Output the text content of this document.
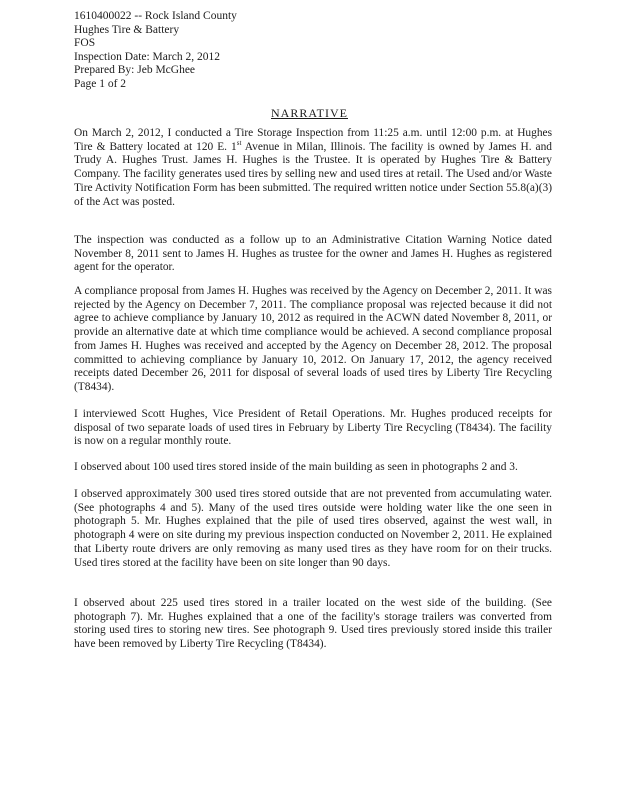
1610400022 -- Rock Island County
Hughes Tire & Battery
FOS
Inspection Date: March 2, 2012
Prepared By: Jeb McGhee
Page 1 of 2
NARRATIVE

On March 2, 2012, I conducted a Tire Storage Inspection from 11:25 a.m. until 12:00 p.m. at Hughes Tire & Battery located at 120 E. 1st Avenue in Milan, Illinois. The facility is owned by James H. and Trudy A. Hughes Trust. James H. Hughes is the Trustee. It is operated by Hughes Tire & Battery Company. The facility generates used tires by selling new and used tires at retail. The Used and/or Waste Tire Activity Notification Form has been submitted. The required written notice under Section 55.8(a)(3) of the Act was posted.

The inspection was conducted as a follow up to an Administrative Citation Warning Notice dated November 8, 2011 sent to James H. Hughes as trustee for the owner and James H. Hughes as registered agent for the operator.

A compliance proposal from James H. Hughes was received by the Agency on December 2, 2011. It was rejected by the Agency on December 7, 2011. The compliance proposal was rejected because it did not agree to achieve compliance by January 10, 2012 as required in the ACWN dated November 8, 2011, or provide an alternative date at which time compliance would be achieved. A second compliance proposal from James H. Hughes was received and accepted by the Agency on December 28, 2012. The proposal committed to achieving compliance by January 10, 2012. On January 17, 2012, the agency received receipts dated December 26, 2011 for disposal of several loads of used tires by Liberty Tire Recycling (T8434).

I interviewed Scott Hughes, Vice President of Retail Operations. Mr. Hughes produced receipts for disposal of two separate loads of used tires in February by Liberty Tire Recycling (T8434). The facility is now on a regular monthly route.

I observed about 100 used tires stored inside of the main building as seen in photographs 2 and 3.

I observed approximately 300 used tires stored outside that are not prevented from accumulating water. (See photographs 4 and 5). Many of the used tires outside were holding water like the one seen in photograph 5. Mr. Hughes explained that the pile of used tires observed, against the west wall, in photograph 4 were on site during my previous inspection conducted on November 2, 2011. He explained that Liberty route drivers are only removing as many used tires as they have room for on their trucks. Used tires stored at the facility have been on site longer than 90 days.

I observed about 225 used tires stored in a trailer located on the west side of the building. (See photograph 7). Mr. Hughes explained that a one of the facility's storage trailers was converted from storing used tires to storing new tires. See photograph 9. Used tires previously stored inside this trailer have been removed by Liberty Tire Recycling (T8434).
